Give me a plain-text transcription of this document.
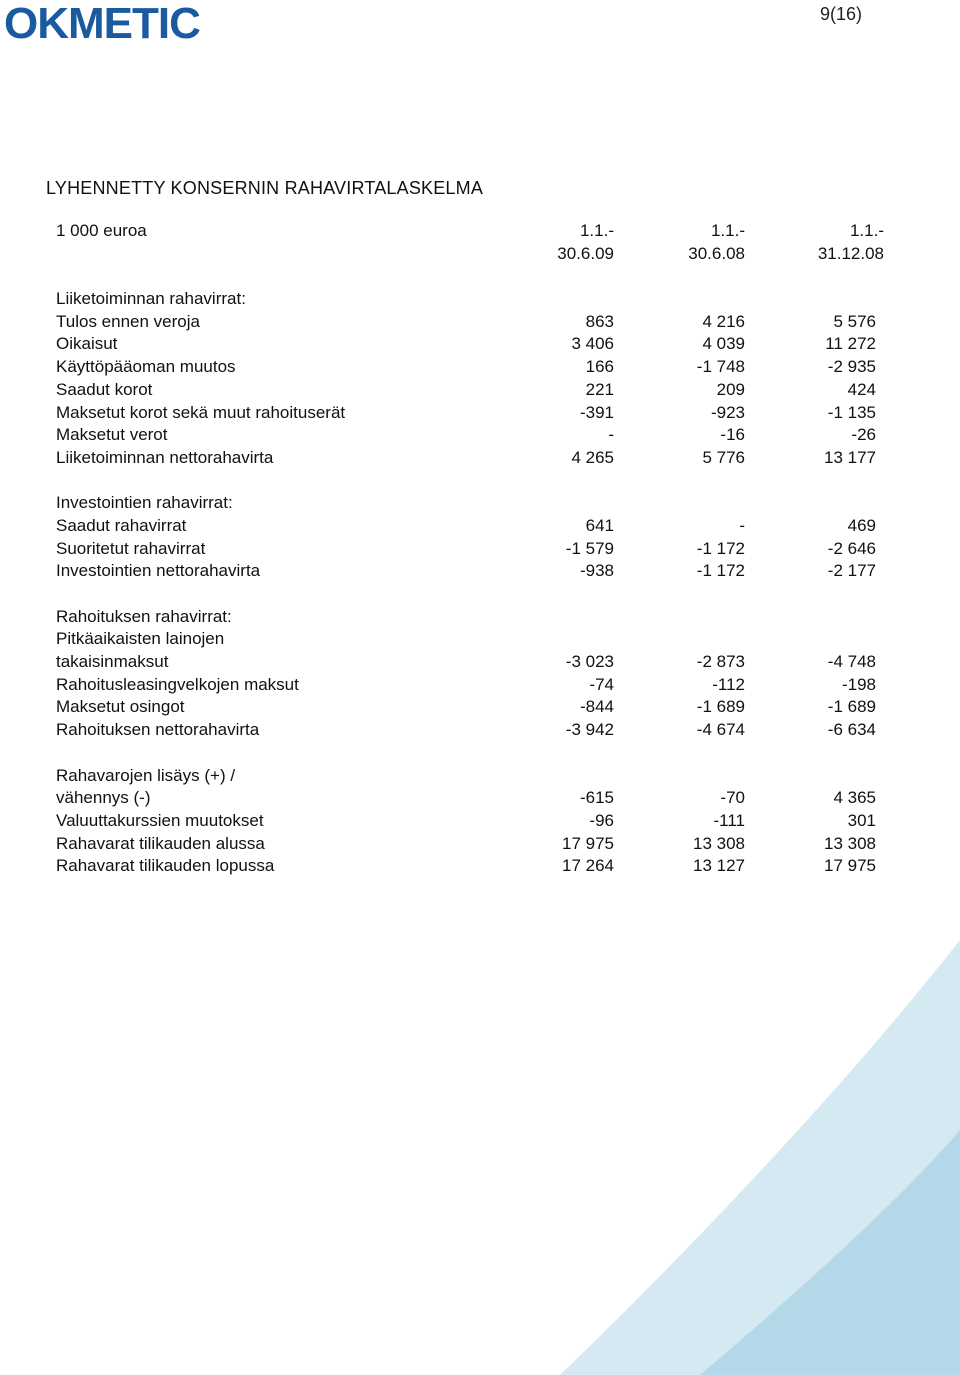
OKMETIC	9(16)
LYHENNETTY KONSERNIN RAHAVIRTALASKELMA
1 000 euroa	1.1.-	1.1.-	1.1.-
30.6.09	30.6.08	31.12.08
Liiketoiminnan rahavirrat:
Tulos ennen veroja	863	4 216	5 576
Oikaisut	3 406	4 039	11 272
Käyttöpääoman muutos	166	-1 748	-2 935
Saadut korot	221	209	424
Maksetut korot sekä muut rahoituserät	-391	-923	-1 135
Maksetut verot	-	-16	-26
Liiketoiminnan nettorahavirta	4 265	5 776	13 177
Investointien rahavirrat:
Saadut rahavirrat	641	-	469
Suoritetut rahavirrat	-1 579	-1 172	-2 646
Investointien nettorahavirta	-938	-1 172	-2 177
Rahoituksen rahavirrat:
Pitkäaikaisten lainojen
takaisinmaksut	-3 023	-2 873	-4 748
Rahoitusleasingvelkojen maksut	-74	-112	-198
Maksetut osingot	-844	-1 689	-1 689
Rahoituksen nettorahavirta	-3 942	-4 674	-6 634
Rahavarojen lisäys (+) /
vähennys (-)	-615	-70	4 365
Valuuttakurssien muutokset	-96	-111	301
Rahavarat tilikauden alussa	17 975	13 308	13 308
Rahavarat tilikauden lopussa	17 264	13 127	17 975
